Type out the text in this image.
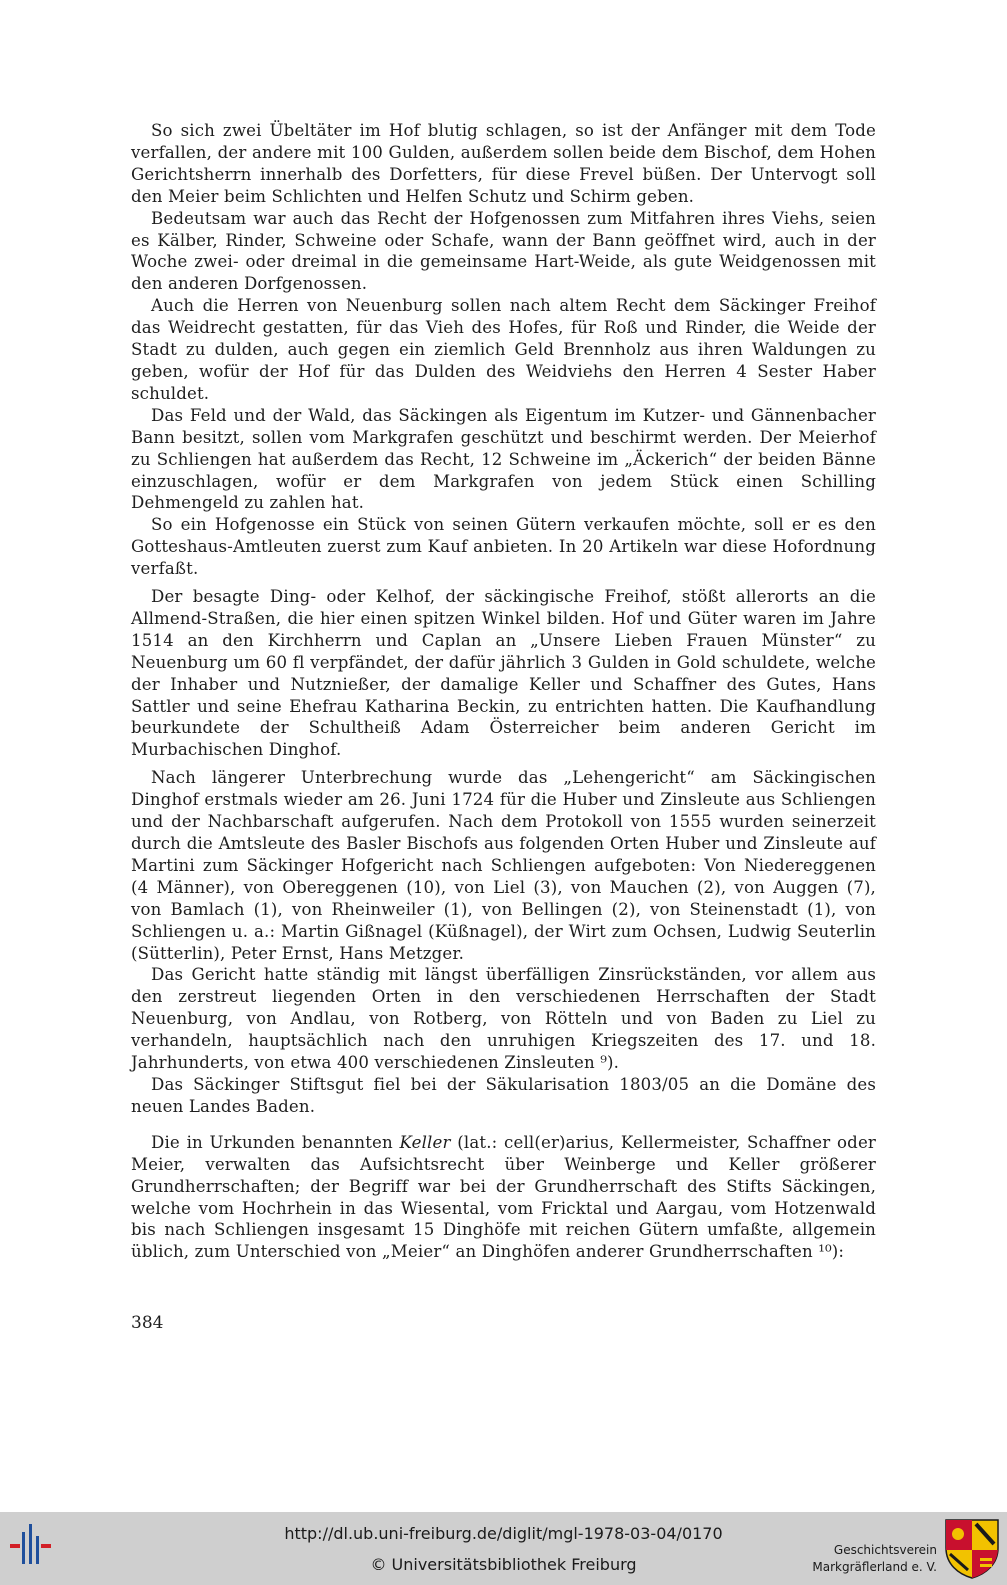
So sich zwei Übeltäter im Hof blutig schlagen, so ist der Anfänger mit dem Tode verfallen, der andere mit 100 Gulden, außerdem sollen beide dem Bischof, dem Hohen Gerichtsherrn innerhalb des Dorfetters, für diese Frevel büßen. Der Untervogt soll den Meier beim Schlichten und Helfen Schutz und Schirm geben.

Bedeutsam war auch das Recht der Hofgenossen zum Mitfahren ihres Viehs, seien es Kälber, Rinder, Schweine oder Schafe, wann der Bann geöffnet wird, auch in der Woche zwei- oder dreimal in die gemeinsame Hart-Weide, als gute Weidgenossen mit den anderen Dorfgenossen.

Auch die Herren von Neuenburg sollen nach altem Recht dem Säckinger Freihof das Weidrecht gestatten, für das Vieh des Hofes, für Roß und Rinder, die Weide der Stadt zu dulden, auch gegen ein ziemlich Geld Brennholz aus ihren Waldungen zu geben, wofür der Hof für das Dulden des Weidviehs den Herren 4 Sester Haber schuldet.

Das Feld und der Wald, das Säckingen als Eigentum im Kutzer- und Gännenbacher Bann besitzt, sollen vom Markgrafen geschützt und beschirmt werden. Der Meierhof zu Schliengen hat außerdem das Recht, 12 Schweine im „Äckerich“ der beiden Bänne einzuschlagen, wofür er dem Markgrafen von jedem Stück einen Schilling Dehmengeld zu zahlen hat.

So ein Hofgenosse ein Stück von seinen Gütern verkaufen möchte, soll er es den Gotteshaus-Amtleuten zuerst zum Kauf anbieten. In 20 Artikeln war diese Hofordnung verfaßt.

Der besagte Ding- oder Kelhof, der säckingische Freihof, stößt allerorts an die Allmend-Straßen, die hier einen spitzen Winkel bilden. Hof und Güter waren im Jahre 1514 an den Kirchherrn und Caplan an „Unsere Lieben Frauen Münster“ zu Neuenburg um 60 fl verpfändet, der dafür jährlich 3 Gulden in Gold schuldete, welche der Inhaber und Nutznießer, der damalige Keller und Schaffner des Gutes, Hans Sattler und seine Ehefrau Katharina Beckin, zu entrichten hatten. Die Kaufhandlung beurkundete der Schultheiß Adam Österreicher beim anderen Gericht im Murbachischen Dinghof.

Nach längerer Unterbrechung wurde das „Lehengericht“ am Säckingischen Dinghof erstmals wieder am 26. Juni 1724 für die Huber und Zinsleute aus Schliengen und der Nachbarschaft aufgerufen. Nach dem Protokoll von 1555 wurden seinerzeit durch die Amtsleute des Basler Bischofs aus folgenden Orten Huber und Zinsleute auf Martini zum Säckinger Hofgericht nach Schliengen aufgeboten: Von Niedereggenen (4 Männer), von Obereggenen (10), von Liel (3), von Mauchen (2), von Auggen (7), von Bamlach (1), von Rheinweiler (1), von Bellingen (2), von Steinenstadt (1), von Schliengen u. a.: Martin Gißnagel (Küßnagel), der Wirt zum Ochsen, Ludwig Seuterlin (Sütterlin), Peter Ernst, Hans Metzger.

Das Gericht hatte ständig mit längst überfälligen Zinsrückständen, vor allem aus den zerstreut liegenden Orten in den verschiedenen Herrschaften der Stadt Neuenburg, von Andlau, von Rotberg, von Rötteln und von Baden zu Liel zu verhandeln, hauptsächlich nach den unruhigen Kriegszeiten des 17. und 18. Jahrhunderts, von etwa 400 verschiedenen Zinsleuten ⁹).

Das Säckinger Stiftsgut fiel bei der Säkularisation 1803/05 an die Domäne des neuen Landes Baden.

Die in Urkunden benannten Keller (lat.: cell(er)arius, Kellermeister, Schaffner oder Meier, verwalten das Aufsichtsrecht über Weinberge und Keller größerer Grundherrschaften; der Begriff war bei der Grundherrschaft des Stifts Säckingen, welche vom Hochrhein in das Wiesental, vom Fricktal und Aargau, vom Hotzenwald bis nach Schliengen insgesamt 15 Dinghöfe mit reichen Gütern umfaßte, allgemein üblich, zum Unterschied von „Meier“ an Dinghöfen anderer Grundherrschaften ¹⁰):

384
http://dl.ub.uni-freiburg.de/diglit/mgl-1978-03-04/0170
© Universitätsbibliothek Freiburg
Geschichtsverein
Markgräflerland e. V.
